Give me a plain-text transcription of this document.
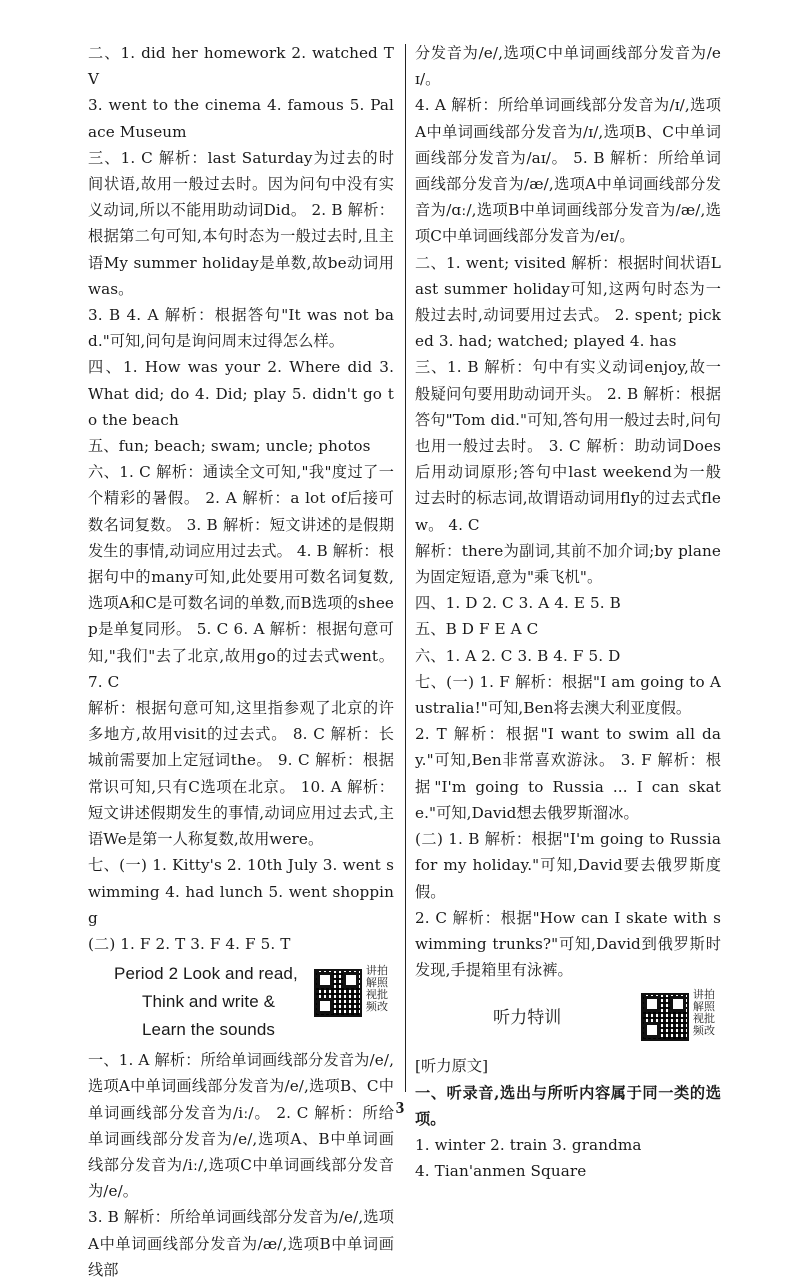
二、1. did her homework 2. watched TV

3. went to the cinema 4. famous 5. Palace Museum

三、1. C 解析：last Saturday为过去的时间状语,故用一般过去时。因为问句中没有实义动词,所以不能用助动词Did。 2. B 解析：根据第二句可知,本句时态为一般过去时,且主语My summer holiday是单数,故be动词用was。

3. B 4. A 解析：根据答句"It was not bad."可知,问句是询问周末过得怎么样。

四、1. How was your 2. Where did 3. What did; do 4. Did; play 5. didn't go to the beach

五、fun; beach; swam; uncle; photos

六、1. C 解析：通读全文可知,"我"度过了一个精彩的暑假。 2. A 解析：a lot of后接可数名词复数。 3. B 解析：短文讲述的是假期发生的事情,动词应用过去式。 4. B 解析：根据句中的many可知,此处要用可数名词复数,选项A和C是可数名词的单数,而B选项的sheep是单复同形。 5. C 6. A 解析：根据句意可知,"我们"去了北京,故用go的过去式went。 7. C

解析：根据句意可知,这里指参观了北京的许多地方,故用visit的过去式。 8. C 解析：长城前需要加上定冠词the。 9. C 解析：根据常识可知,只有C选项在北京。 10. A 解析：短文讲述假期发生的事情,动词应用过去式,主语We是第一人称复数,故用were。

七、(一) 1. Kitty's 2. 10th July 3. went swimming 4. had lunch 5. went shopping

(二) 1. F 2. T 3. F 4. F 5. T

Period 2 Look and read,
Think and write &
Learn the sounds
讲拍解照视批频改

一、1. A 解析：所给单词画线部分发音为/e/,选项A中单词画线部分发音为/e/,选项B、C中单词画线部分发音为/iː/。 2. C 解析：所给单词画线部分发音为/e/,选项A、B中单词画线部分发音为/iː/,选项C中单词画线部分发音为/e/。

3. B 解析：所给单词画线部分发音为/e/,选项A中单词画线部分发音为/æ/,选项B中单词画线部

分发音为/e/,选项C中单词画线部分发音为/eɪ/。

4. A 解析：所给单词画线部分发音为/ɪ/,选项A中单词画线部分发音为/ɪ/,选项B、C中单词画线部分发音为/aɪ/。 5. B 解析：所给单词画线部分发音为/æ/,选项A中单词画线部分发音为/ɑː/,选项B中单词画线部分发音为/æ/,选项C中单词画线部分发音为/eɪ/。

二、1. went; visited 解析：根据时间状语Last summer holiday可知,这两句时态为一般过去时,动词要用过去式。 2. spent; picked 3. had; watched; played 4. has

三、1. B 解析：句中有实义动词enjoy,故一般疑问句要用助动词开头。 2. B 解析：根据答句"Tom did."可知,答句用一般过去时,问句也用一般过去时。 3. C 解析：助动词Does后用动词原形;答句中last weekend为一般过去时的标志词,故谓语动词用fly的过去式flew。 4. C

解析：there为副词,其前不加介词;by plane为固定短语,意为"乘飞机"。

四、1. D 2. C 3. A 4. E 5. B

五、B D F E A C

六、1. A 2. C 3. B 4. F 5. D

七、(一) 1. F 解析：根据"I am going to Australia!"可知,Ben将去澳大利亚度假。

2. T 解析：根据"I want to swim all day."可知,Ben非常喜欢游泳。 3. F 解析：根据"I'm going to Russia ... I can skate."可知,David想去俄罗斯溜冰。

(二) 1. B 解析：根据"I'm going to Russia for my holiday."可知,David要去俄罗斯度假。

2. C 解析：根据"How can I skate with swimming trunks?"可知,David到俄罗斯时发现,手提箱里有泳裤。

听力特训
讲拍解照视批频改

[听力原文]

一、听录音,选出与所听内容属于同一类的选项。

1. winter 2. train 3. grandma

4. Tian'anmen Square

3
